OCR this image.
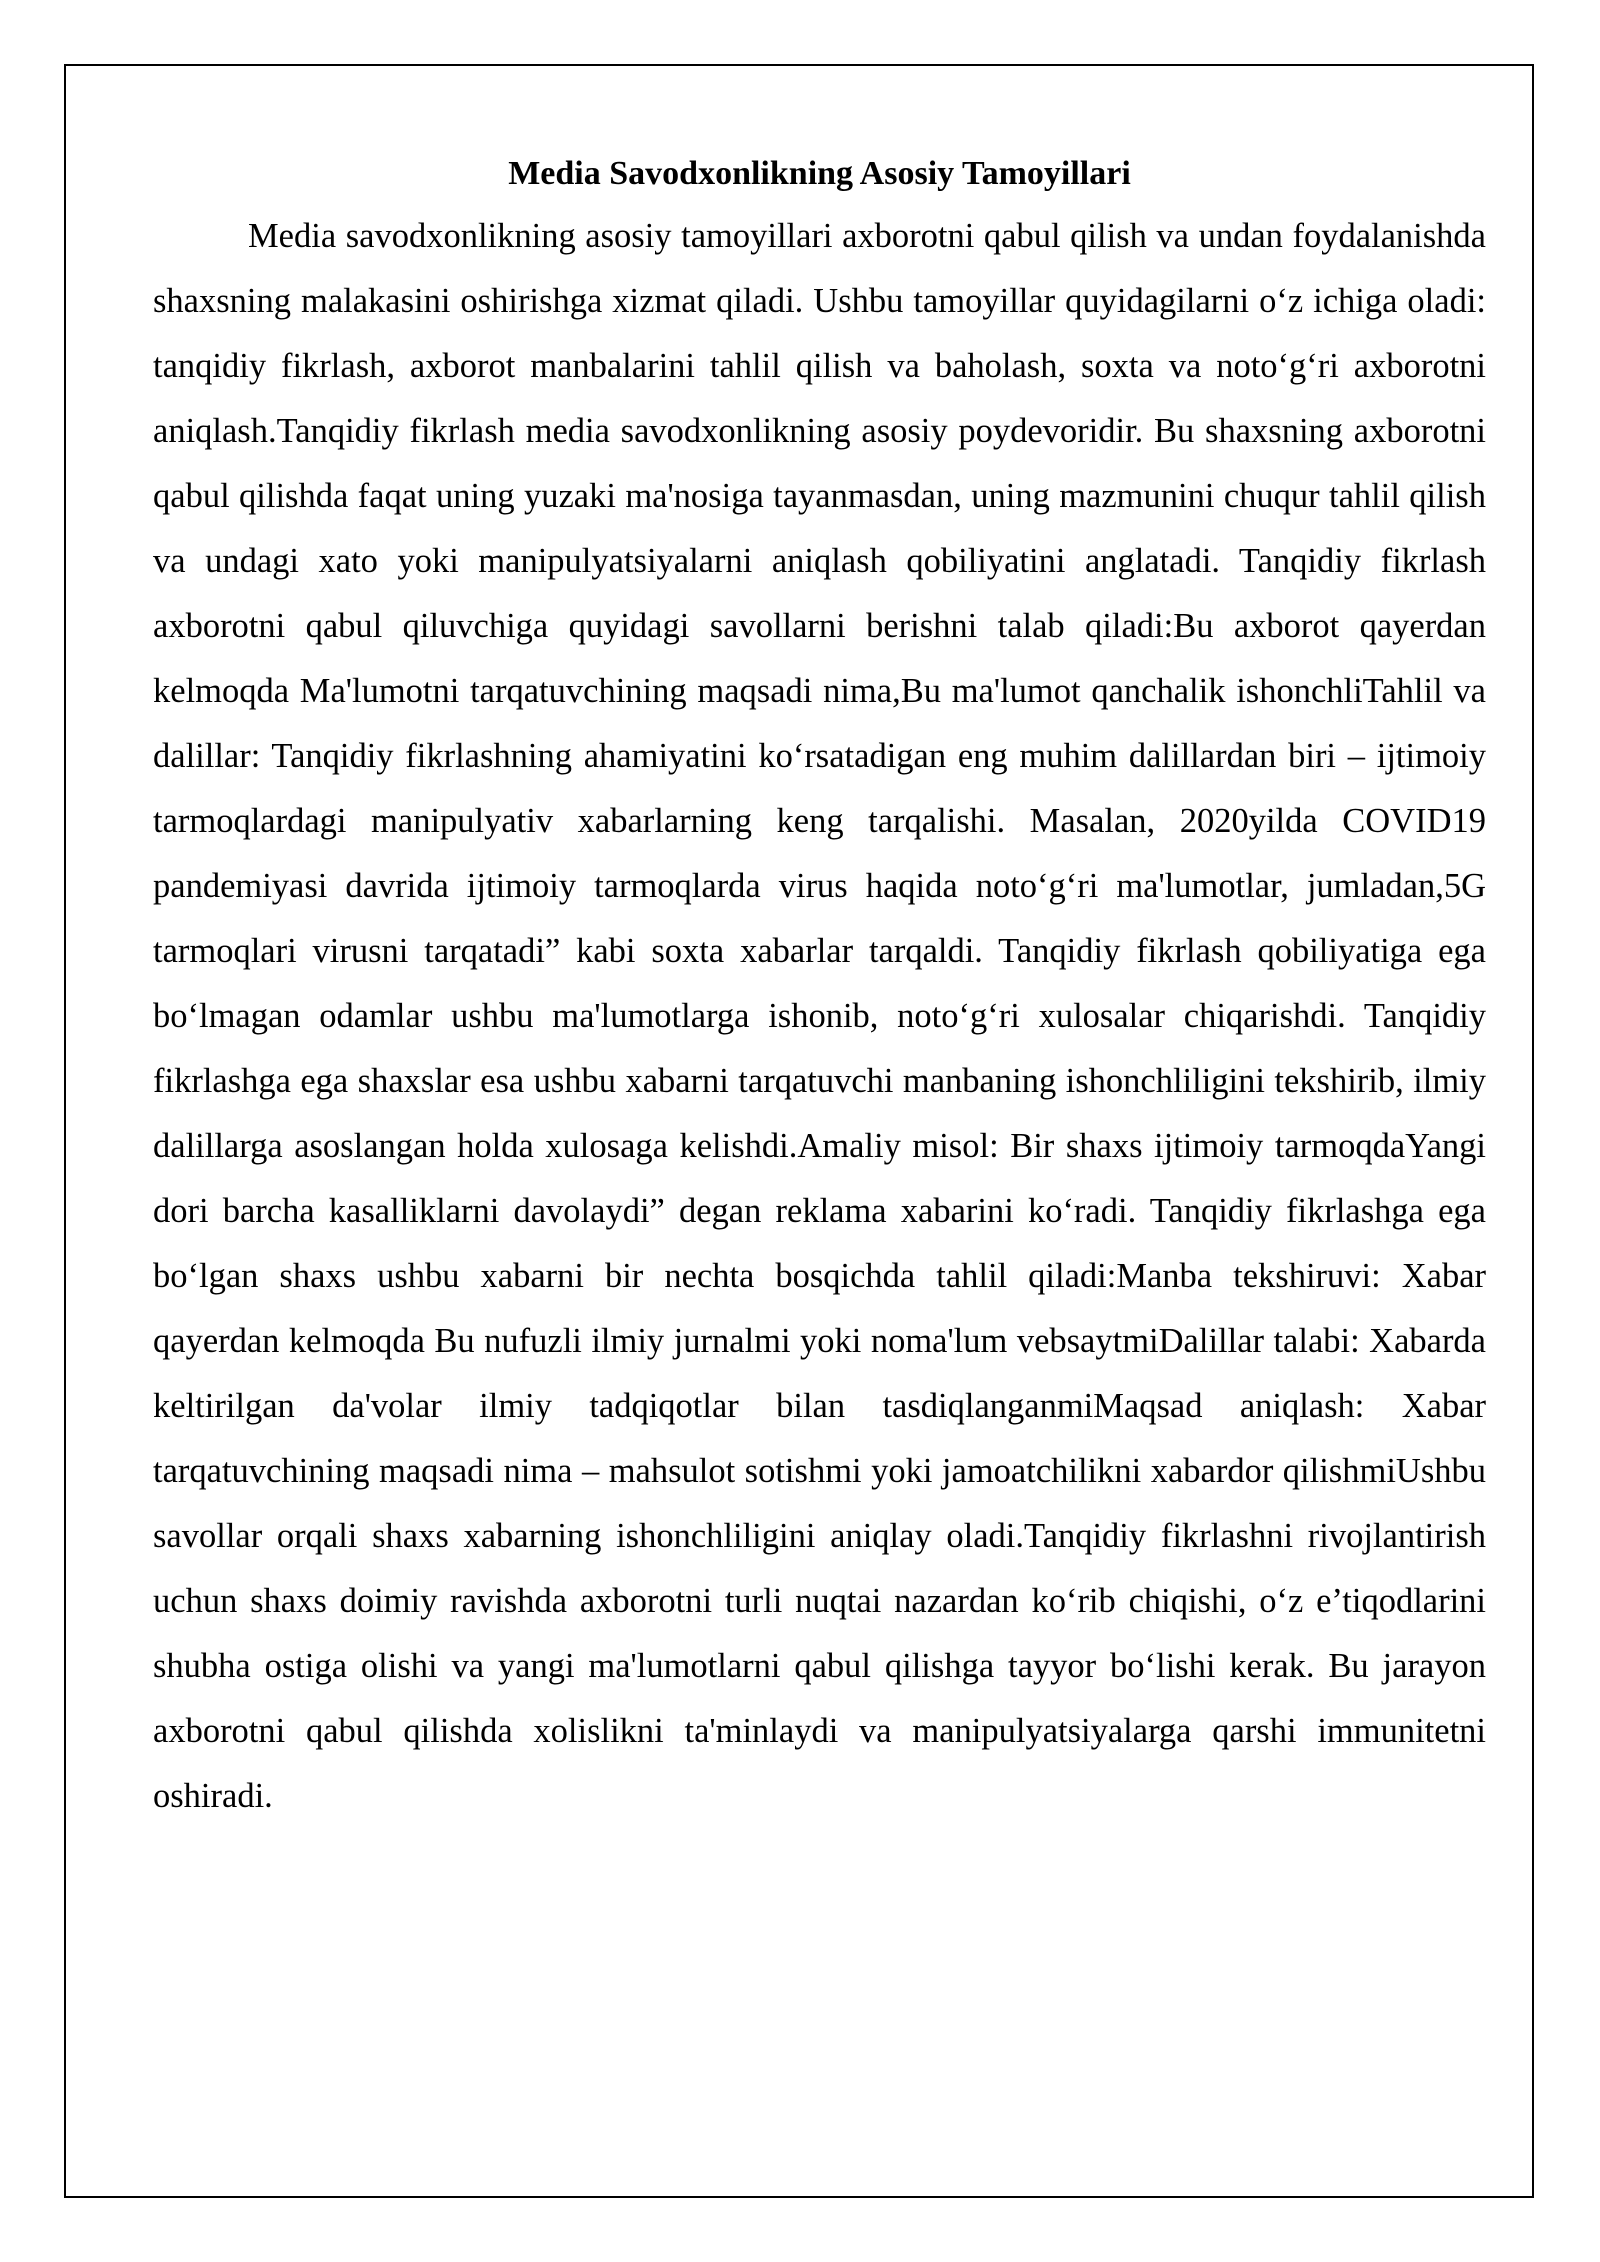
Media Savodxonlikning Asosiy Tamoyillari

Media savodxonlikning asosiy tamoyillari axborotni qabul qilish va undan foydalanishda shaxsning malakasini oshirishga xizmat qiladi. Ushbu tamoyillar quyidagilarni o‘z ichiga oladi: tanqidiy fikrlash, axborot manbalarini tahlil qilish va baholash, soxta va noto‘g‘ri axborotni aniqlash.Tanqidiy fikrlash media savodxonlikning asosiy poydevoridir. Bu shaxsning axborotni qabul qilishda faqat uning yuzaki ma'nosiga tayanmasdan, uning mazmunini chuqur tahlil qilish va undagi xato yoki manipulyatsiyalarni aniqlash qobiliyatini anglatadi. Tanqidiy fikrlash axborotni qabul qiluvchiga quyidagi savollarni berishni talab qiladi:Bu axborot qayerdan kelmoqda Ma'lumotni tarqatuvchining maqsadi nima,Bu ma'lumot qanchalik ishonchliTahlil va dalillar: Tanqidiy fikrlashning ahamiyatini ko‘rsatadigan eng muhim dalillardan biri – ijtimoiy tarmoqlardagi manipulyativ xabarlarning keng tarqalishi. Masalan, 2020yilda COVID19 pandemiyasi davrida ijtimoiy tarmoqlarda virus haqida noto‘g‘ri ma'lumotlar, jumladan,5G tarmoqlari virusni tarqatadi” kabi soxta xabarlar tarqaldi. Tanqidiy fikrlash qobiliyatiga ega bo‘lmagan odamlar ushbu ma'lumotlarga ishonib, noto‘g‘ri xulosalar chiqarishdi. Tanqidiy fikrlashga ega shaxslar esa ushbu xabarni tarqatuvchi manbaning ishonchliligini tekshirib, ilmiy dalillarga asoslangan holda xulosaga kelishdi.Amaliy misol: Bir shaxs ijtimoiy tarmoqdaYangi dori barcha kasalliklarni davolaydi” degan reklama xabarini ko‘radi. Tanqidiy fikrlashga ega bo‘lgan shaxs ushbu xabarni bir nechta bosqichda tahlil qiladi:Manba tekshiruvi: Xabar qayerdan kelmoqda Bu nufuzli ilmiy jurnalmi yoki noma'lum vebsaytmiDalillar talabi: Xabarda keltirilgan da'volar ilmiy tadqiqotlar bilan tasdiqlanganmiMaqsad aniqlash: Xabar tarqatuvchining maqsadi nima – mahsulot sotishmi yoki jamoatchilikni xabardor qilishmiUshbu savollar orqali shaxs xabarning ishonchliligini aniqlay oladi.Tanqidiy fikrlashni rivojlantirish uchun shaxs doimiy ravishda axborotni turli nuqtai nazardan ko‘rib chiqishi, o‘z e’tiqodlarini shubha ostiga olishi va yangi ma'lumotlarni qabul qilishga tayyor bo‘lishi kerak. Bu jarayon axborotni qabul qilishda xolislikni ta'minlaydi va manipulyatsiyalarga qarshi immunitetni oshiradi.
